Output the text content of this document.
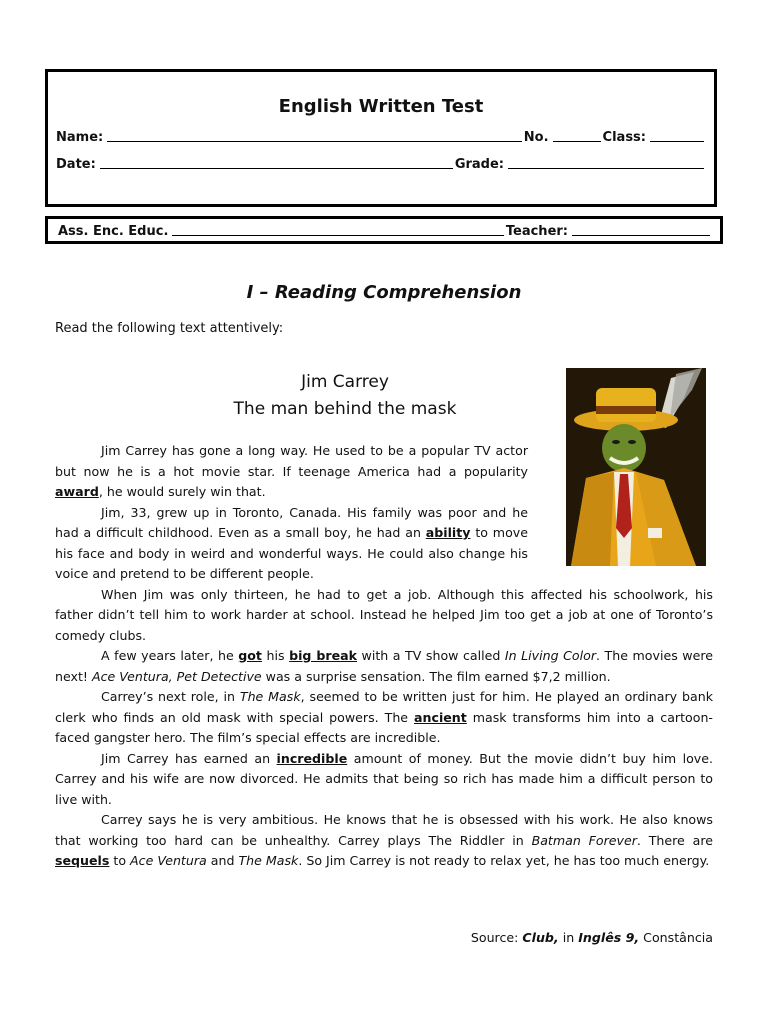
English Written Test
Name:	No.	Class:
Date:	Grade:
Ass. Enc. Educ.	Teacher:
I – Reading Comprehension
Read the following text attentively:
Jim Carrey
The man behind the mask

Jim Carrey has gone a long way. He used to be a popular TV actor but now he is a hot movie star. If teenage America had a popularity award, he would surely win that.

Jim, 33, grew up in Toronto, Canada. His family was poor and he had a difficult childhood. Even as a small boy, he had an ability to move his face and body in weird and wonderful ways. He could also change his voice and pretend to be different people.

When Jim was only thirteen, he had to get a job. Although this affected his schoolwork, his father didn’t tell him to work harder at school. Instead he helped Jim too get a job at one of Toronto’s comedy clubs.

A few years later, he got his big break with a TV show called In Living Color. The movies were next! Ace Ventura, Pet Detective was a surprise sensation. The film earned $7,2 million.

Carrey’s next role, in The Mask, seemed to be written just for him. He played an ordinary bank clerk who finds an old mask with special powers. The ancient mask transforms him into a cartoon-faced gangster hero. The film’s special effects are incredible.

Jim Carrey has earned an incredible amount of money. But the movie didn’t buy him love. Carrey and his wife are now divorced. He admits that being so rich has made him a difficult person to live with.

Carrey says he is very ambitious. He knows that he is obsessed with his work. He also knows that working too hard can be unhealthy. Carrey plays The Riddler in Batman Forever. There are sequels to Ace Ventura and The Mask. So Jim Carrey is not ready to relax yet, he has too much energy.

Source: Club, in Inglês 9, Constância
